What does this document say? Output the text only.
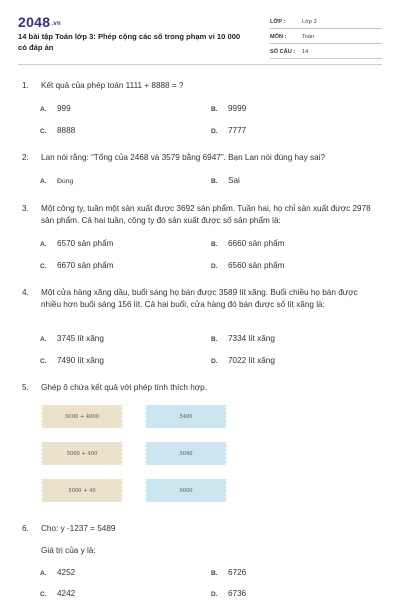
$2048^{.vn}$
14 bài tập Toán lớp 3: Phép cộng các số trong phạm vi 10 000 có đáp án
LỚP :	Lớp 3
MÔN :	Toán
SỐ CÂU : 14
1. Kết quả của phép toán 1111 + 8888 = ?
A. 999	B. 9999
C. 8888	D. 7777
2. Lan nói rằng: “Tổng của 2468 và 3579 bằng 6947”. Bạn Lan nói đúng hay sai?
A. Đúng	B. Sai
3. Một công ty, tuần một sản xuất được 3692 sản phẩm. Tuần hai, họ chỉ sản xuất được 2978 sản phẩm. Cả hai tuần, công ty đó sản xuất được số sản phẩm là:
A. 6570 sản phẩm	B. 6660 sản phẩm
C. 6670 sản phẩm	D. 6560 sản phẩm
4. Một cửa hàng xăng dầu, buổi sáng họ bán được 3589 lít xăng. Buổi chiều họ bán được nhiều hơn buổi sáng 156 lít. Cả hai buổi, cửa hàng đó bán được số lít xăng là:
A. 3745 lít xăng	B. 7334 lít xăng
C. 7490 lít xăng	D. 7022 lít xăng
5. Ghép ô chứa kết quả với phép tính thích hợp.
5000 + 4000	5400
5000 + 400	5040
5000 + 40	9000
6. Cho: y -1237 = 5489
Giá trị của y là:
A. 4252	B. 6726
C. 4242	D. 6736
